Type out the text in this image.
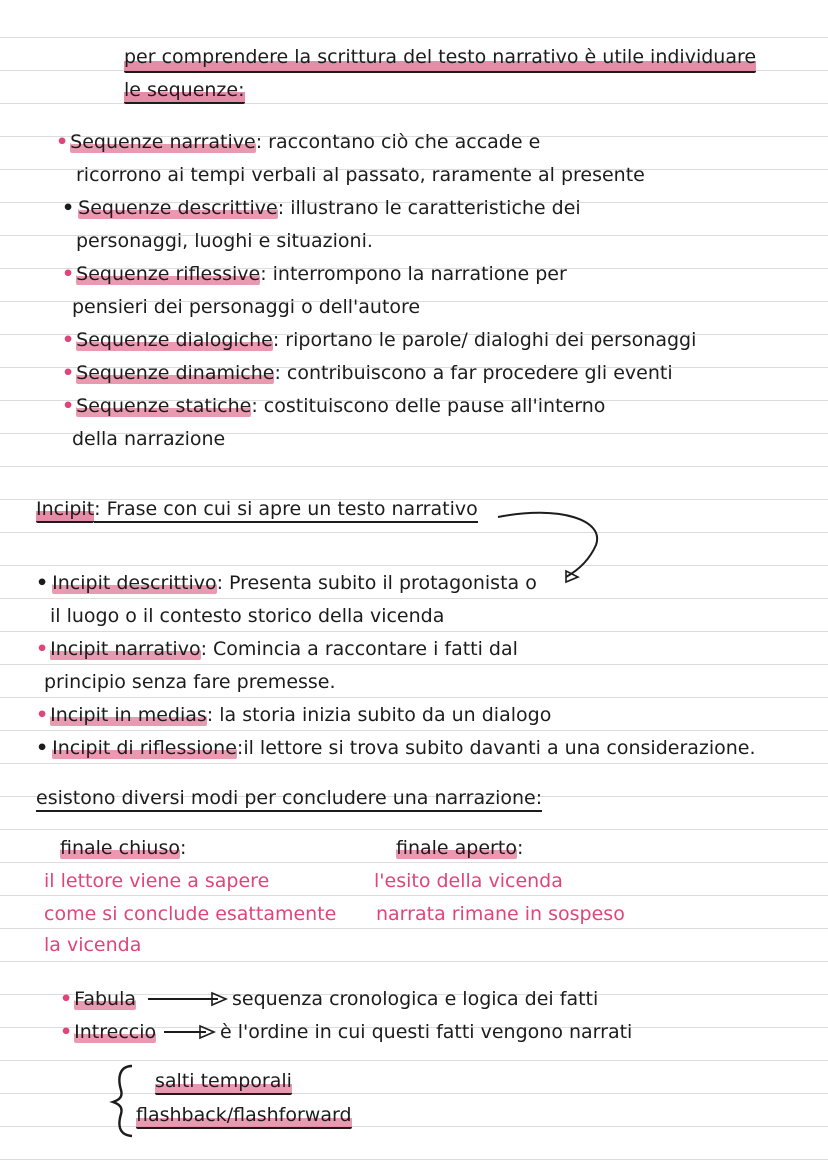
per comprendere la scrittura del testo narrativo è utile individuare
le sequenze:
• Sequenze narrative: raccontano ciò che accade e
ricorrono ai tempi verbali al passato, raramente al presente
• Sequenze descrittive: illustrano le caratteristiche dei
personaggi, luoghi e situazioni.
• Sequenze riflessive: interrompono la narratione per
pensieri dei personaggi o dell'autore
• Sequenze dialogiche: riportano le parole/ dialoghi dei personaggi
• Sequenze dinamiche: contribuiscono a far procedere gli eventi
• Sequenze statiche: costituiscono delle pause all'interno
della narrazione
Incipit: Frase con cui si apre un testo narrativo
• Incipit descrittivo: Presenta subito il protagonista o
il luogo o il contesto storico della vicenda
• Incipit narrativo: Comincia a raccontare i fatti dal
principio senza fare premesse.
• Incipit in medias: la storia inizia subito da un dialogo
• Incipit di riflessione:il lettore si trova subito davanti a una considerazione.
esistono diversi modi per concludere una narrazione:
finale chiuso:
il lettore viene a sapere
come si conclude esattamente
la vicenda
finale aperto:
l'esito della vicenda
narrata rimane in sospeso
• Fabula	sequenza cronologica e logica dei fatti
• Intreccio	è l'ordine in cui questi fatti vengono narrati
salti temporali
flashback/flashforward
